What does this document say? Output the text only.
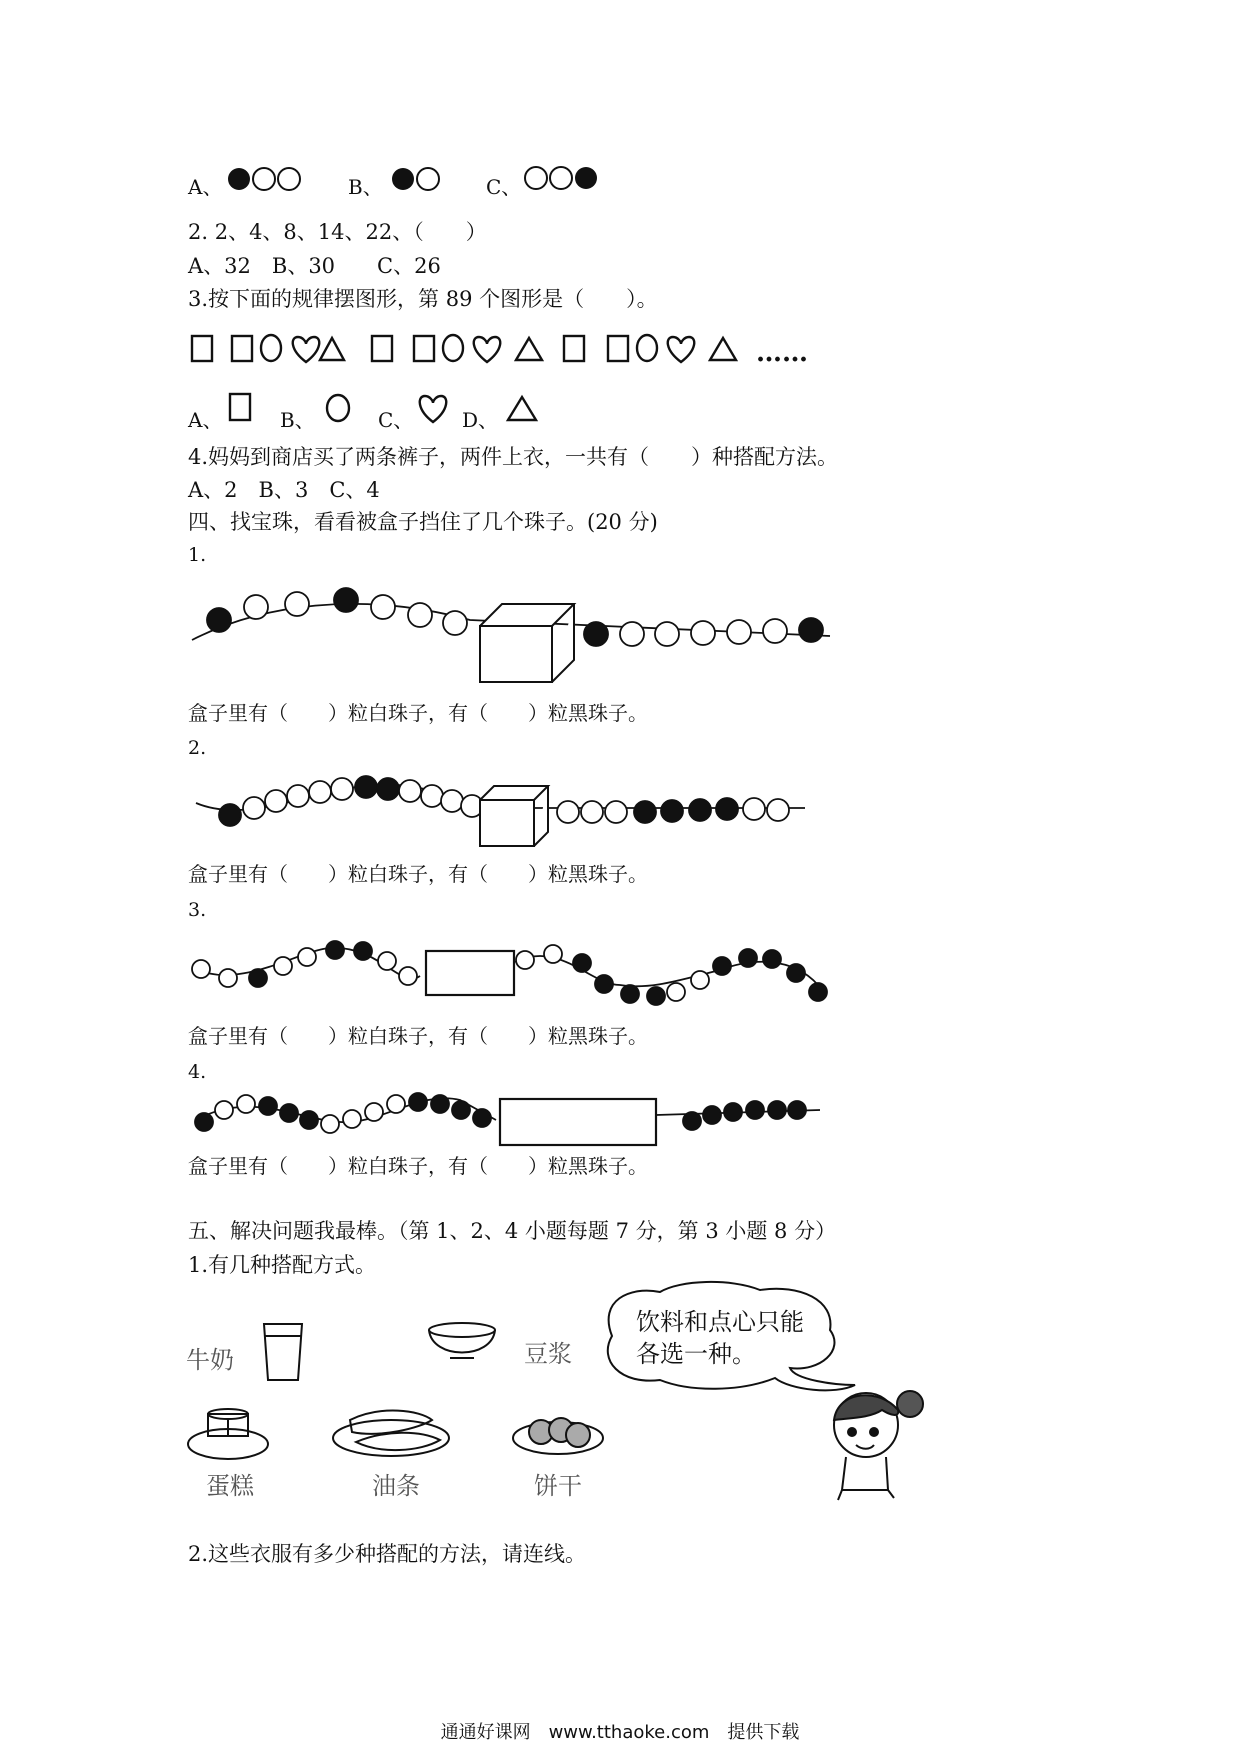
A、	B、	C、
2. 2、4、8、14、22、（　　）
A、32　B、30　　C、26
3.按下面的规律摆图形，第 89 个图形是（　　）。
……
A、	B、	C、 D、
4.妈妈到商店买了两条裤子，两件上衣，一共有（　　）种搭配方法。
A、2　B、3　C、4
四、找宝珠，看看被盒子挡住了几个珠子。(20 分)
1.
盒子里有（　　）粒白珠子，有（　　）粒黑珠子。
2.
盒子里有（　　）粒白珠子，有（　　）粒黑珠子。
3.
盒子里有（　　）粒白珠子，有（　　）粒黑珠子。
4.
盒子里有（　　）粒白珠子，有（　　）粒黑珠子。
五、解决问题我最棒。（第 1、2、4 小题每题 7 分，第 3 小题 8 分）
1.有几种搭配方式。
牛奶	豆浆
蛋糕	油条	饼干
饮料和点心只能
各选一种。
2.这些衣服有多少种搭配的方法，请连线。
通通好课网　www.tthaoke.com　提供下载
